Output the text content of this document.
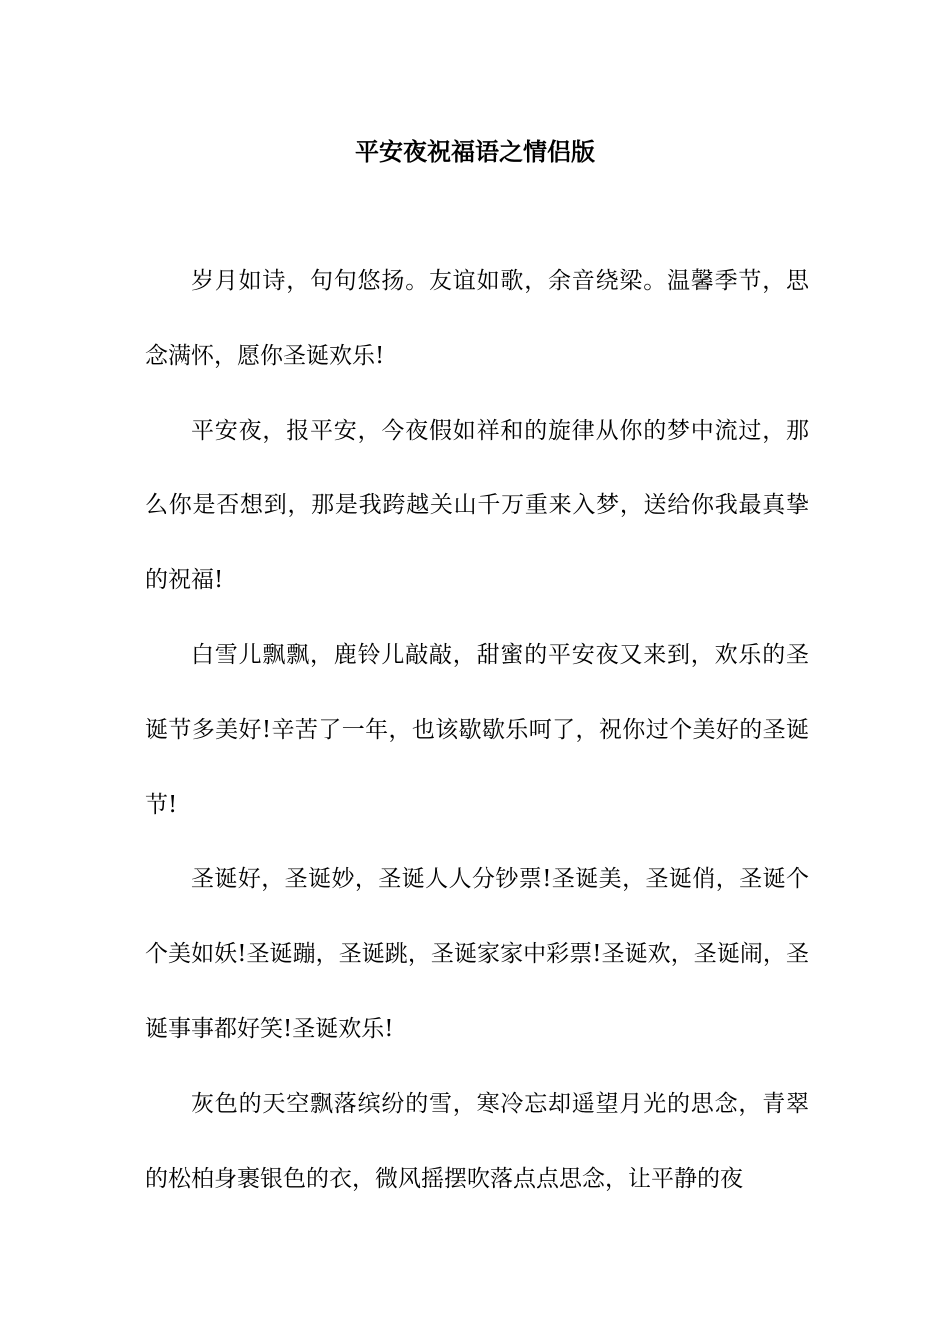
平安夜祝福语之情侣版

岁月如诗，句句悠扬。友谊如歌，余音绕梁。温馨季节，思念满怀，愿你圣诞欢乐!

平安夜，报平安，今夜假如祥和的旋律从你的梦中流过，那么你是否想到，那是我跨越关山千万重来入梦，送给你我最真挚的祝福!

白雪儿飘飘，鹿铃儿敲敲，甜蜜的平安夜又来到，欢乐的圣诞节多美好!辛苦了一年，也该歇歇乐呵了，祝你过个美好的圣诞节!

圣诞好，圣诞妙，圣诞人人分钞票!圣诞美，圣诞俏，圣诞个个美如妖!圣诞蹦，圣诞跳，圣诞家家中彩票!圣诞欢，圣诞闹，圣诞事事都好笑!圣诞欢乐!

灰色的天空飘落缤纷的雪，寒冷忘却遥望月光的思念，青翠的松柏身裹银色的衣，微风摇摆吹落点点思念，让平静的夜
